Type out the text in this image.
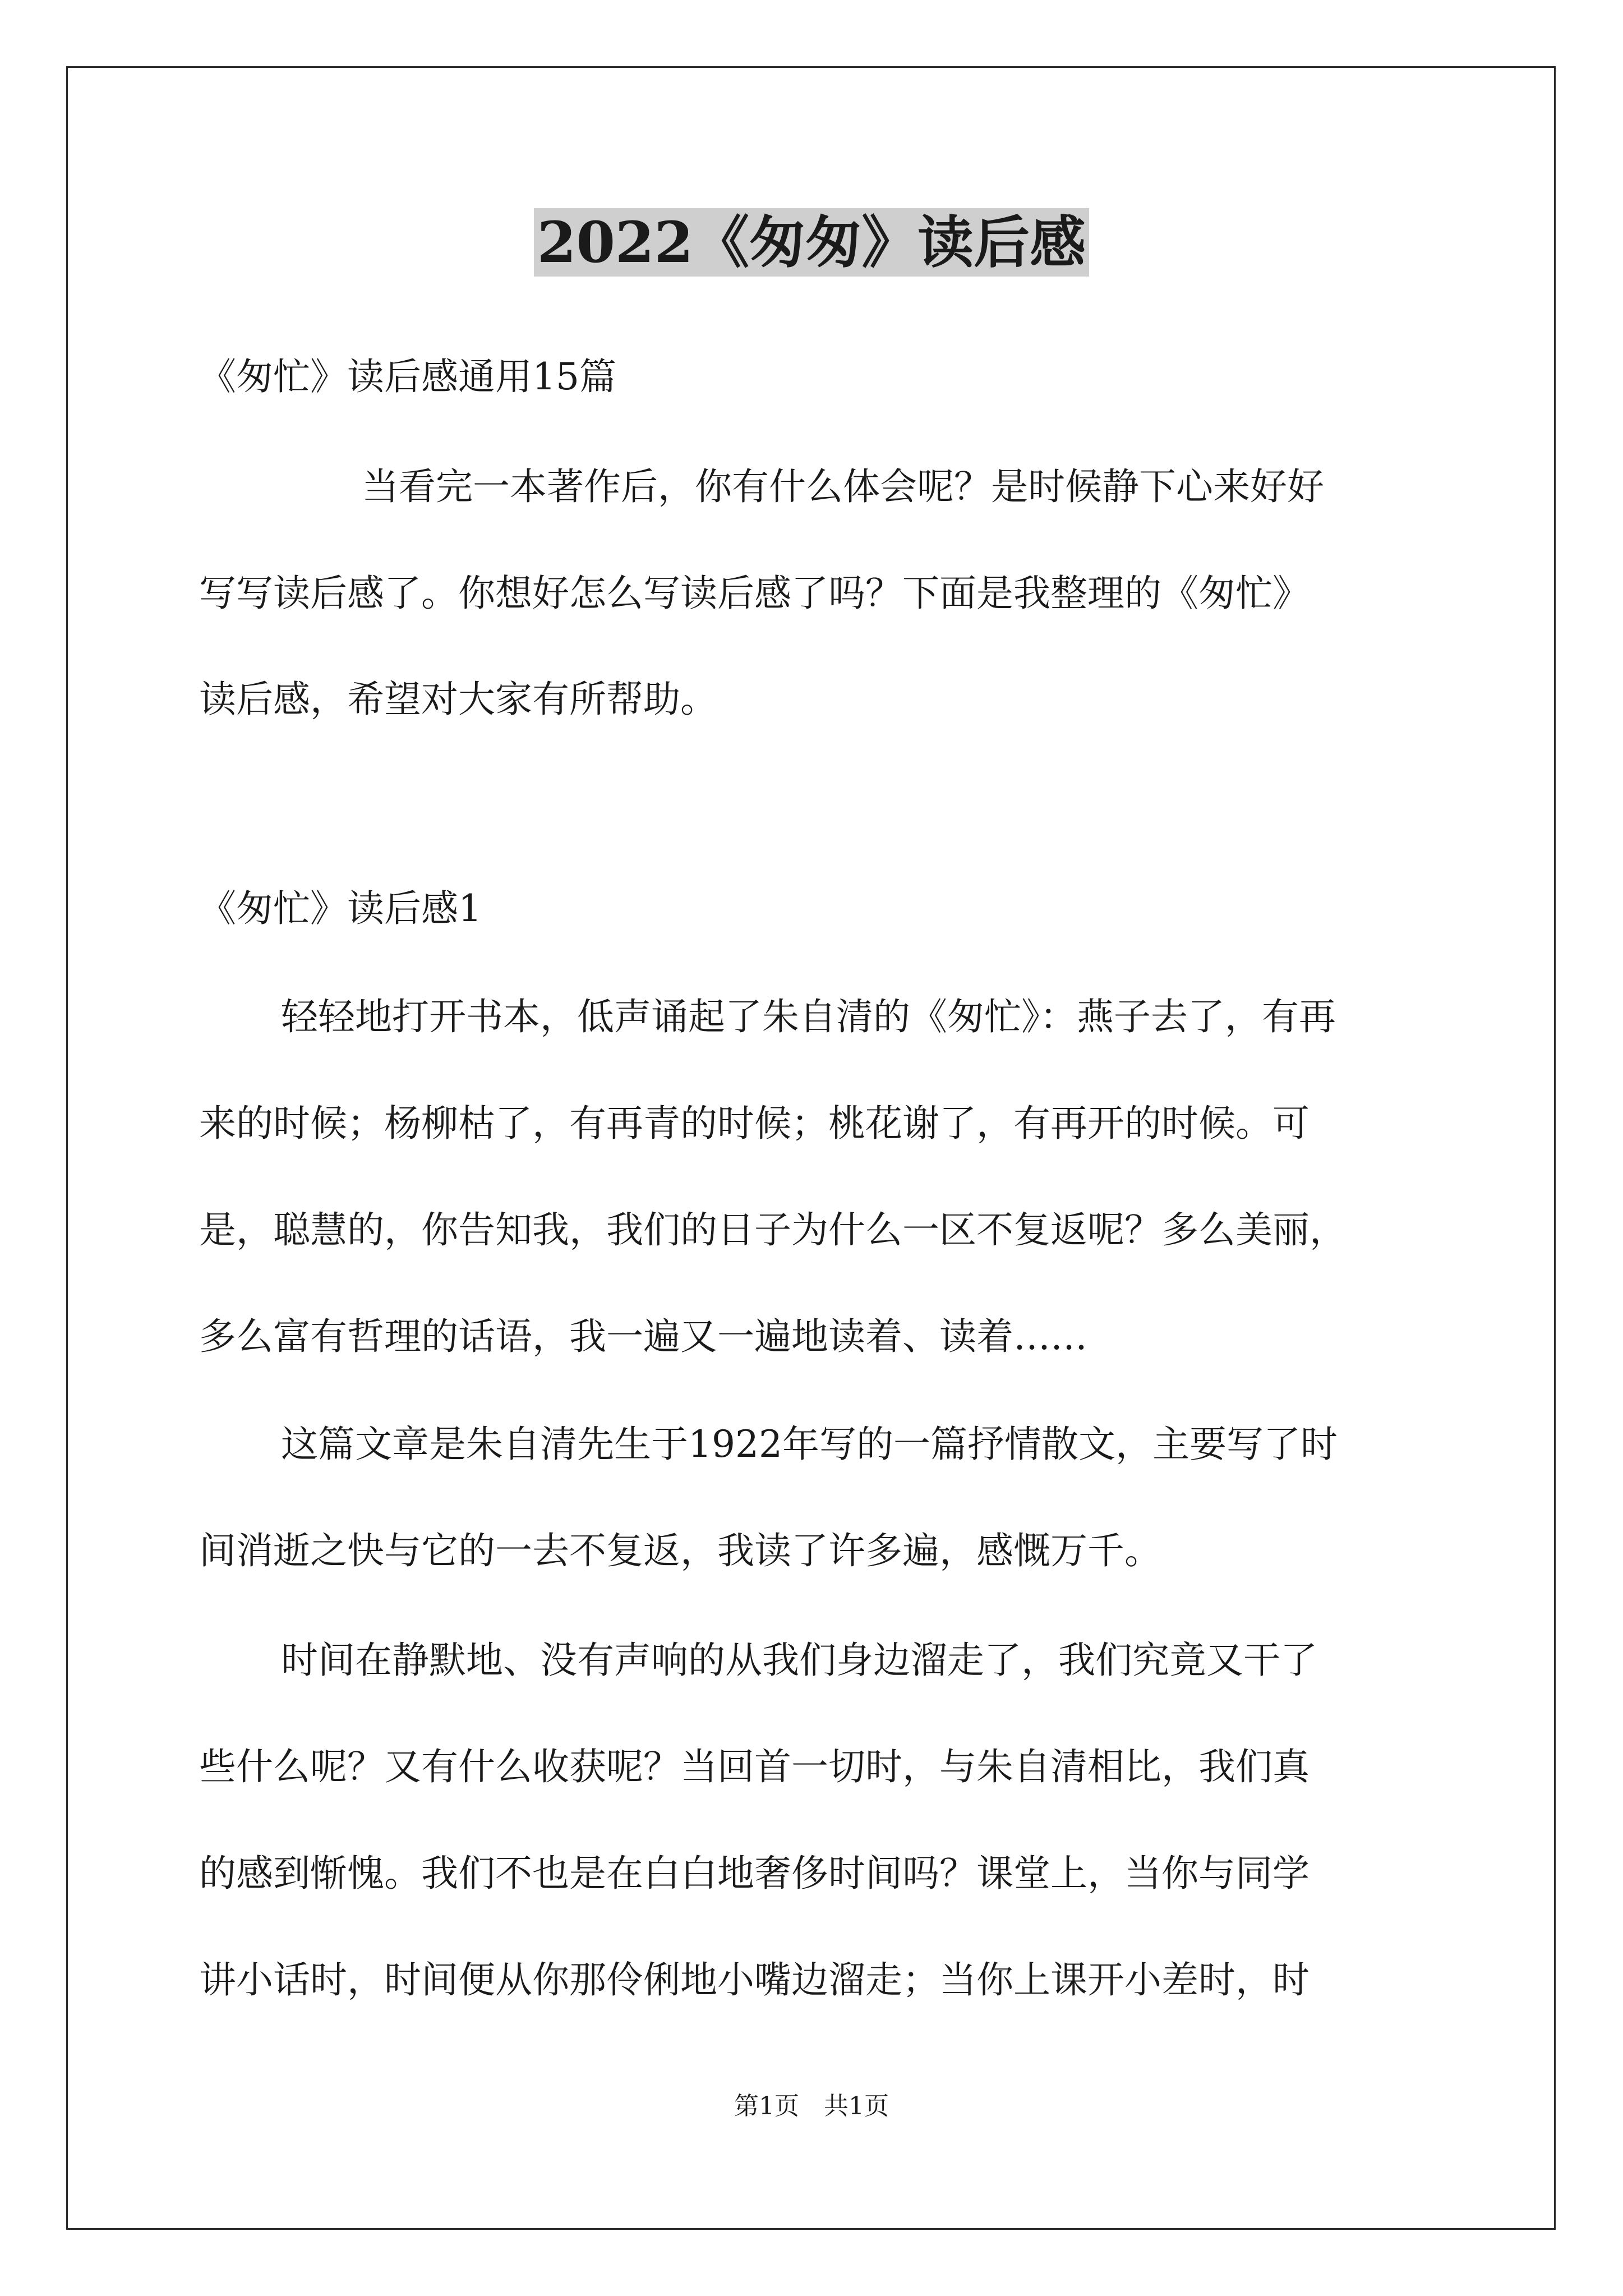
2022《匆匆》读后感

《匆忙》读后感通用15篇

当看完一本著作后，你有什么体会呢？是时候静下心来好好

写写读后感了。你想好怎么写读后感了吗？下面是我整理的《匆忙》

读后感，希望对大家有所帮助。

《匆忙》读后感1

轻轻地打开书本，低声诵起了朱自清的《匆忙》：燕子去了，有再

来的时候；杨柳枯了，有再青的时候；桃花谢了，有再开的时候。可

是，聪慧的，你告知我，我们的日子为什么一区不复返呢？多么美丽，

多么富有哲理的话语，我一遍又一遍地读着、读着……

这篇文章是朱自清先生于1922年写的一篇抒情散文，主要写了时

间消逝之快与它的一去不复返，我读了许多遍，感慨万千。

时间在静默地、没有声响的从我们身边溜走了，我们究竟又干了

些什么呢？又有什么收获呢？当回首一切时，与朱自清相比，我们真

的感到惭愧。我们不也是在白白地奢侈时间吗？课堂上，当你与同学

讲小话时，时间便从你那伶俐地小嘴边溜走；当你上课开小差时，时

第1页　共1页
